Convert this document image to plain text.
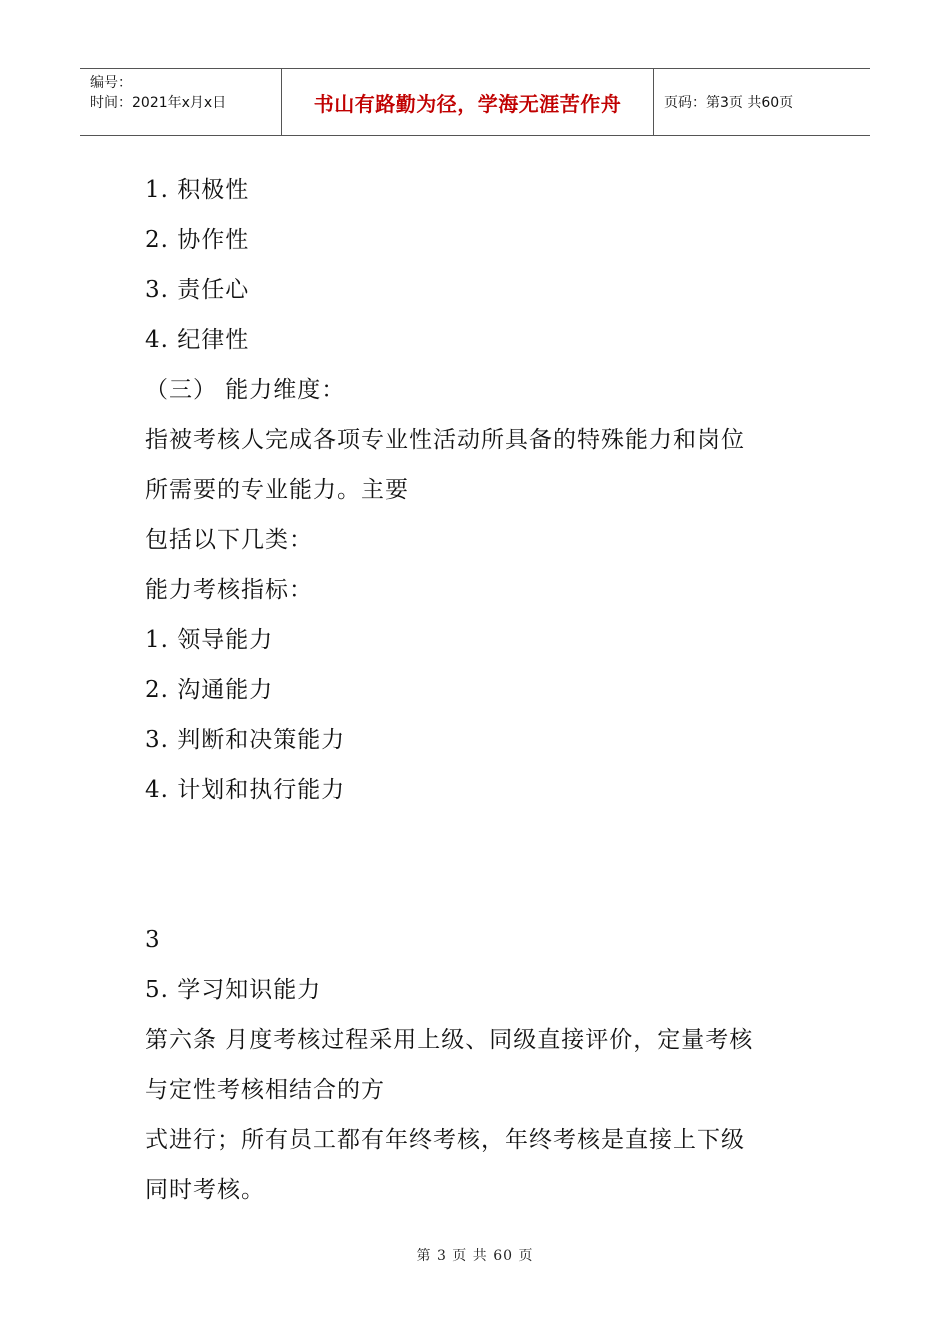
编号：
时间：2021年x月x日	书山有路勤为径，学海无涯苦作舟	页码：第3页 共60页

1. 积极性

2. 协作性

3. 责任心

4. 纪律性

（三） 能力维度：

指被考核人完成各项专业性活动所具备的特殊能力和岗位

所需要的专业能力。主要

包括以下几类：

能力考核指标：

1. 领导能力

2. 沟通能力

3. 判断和决策能力

4. 计划和执行能力

3

5. 学习知识能力

第六条 月度考核过程采用上级、同级直接评价，定量考核

与定性考核相结合的方

式进行；所有员工都有年终考核，年终考核是直接上下级

同时考核。

第 3 页 共 60 页
